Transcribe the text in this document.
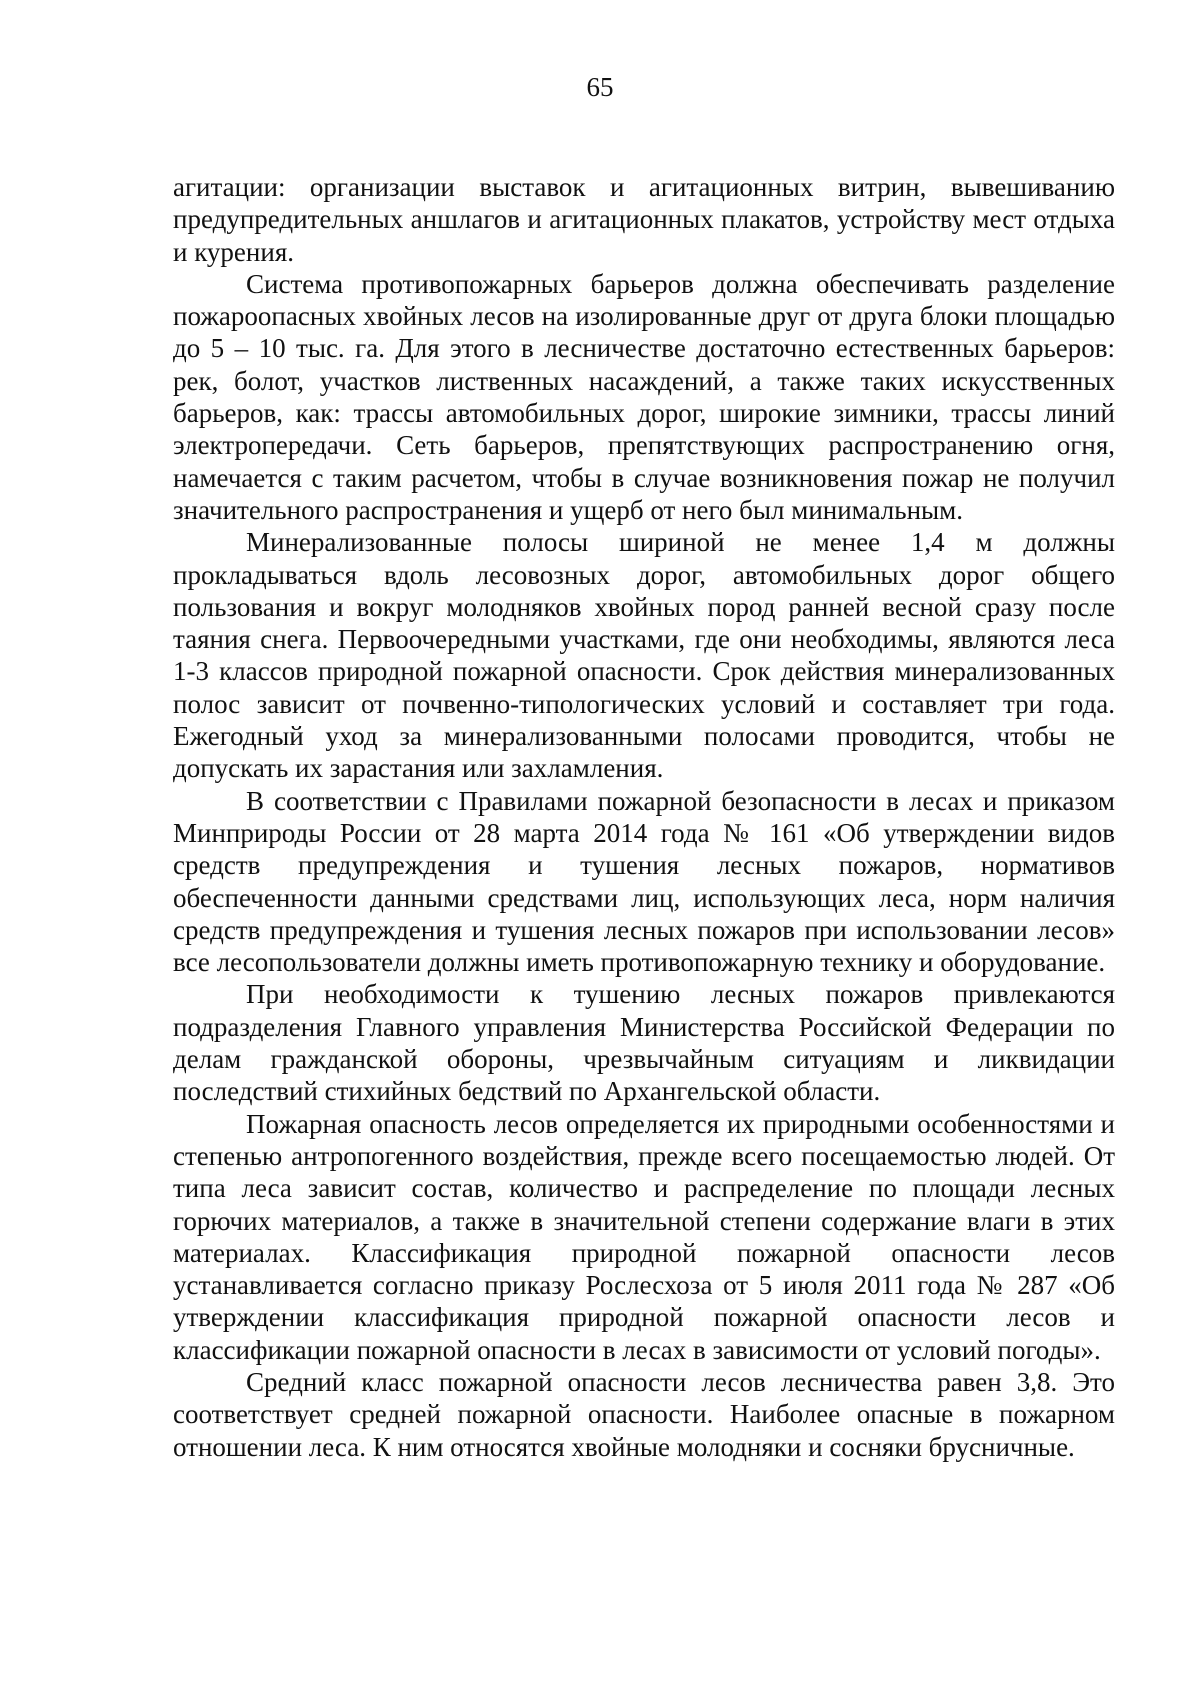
65

агитации: организации выставок и агитационных витрин, вывешиванию предупредительных аншлагов и агитационных плакатов, устройству мест отдыха и курения.

Система противопожарных барьеров должна обеспечивать разделение пожароопасных хвойных лесов на изолированные друг от друга блоки площадью до 5 – 10 тыс. га. Для этого в лесничестве достаточно естественных барьеров: рек, болот, участков лиственных насаждений, а также таких искусственных барьеров, как: трассы автомобильных дорог, широкие зимники, трассы линий электропередачи. Сеть барьеров, препятствующих распространению огня, намечается с таким расчетом, чтобы в случае возникновения пожар не получил значительного распространения и ущерб от него был минимальным.

Минерализованные полосы шириной не менее 1,4 м должны прокладываться вдоль лесовозных дорог, автомобильных дорог общего пользования и вокруг молодняков хвойных пород ранней весной сразу после таяния снега. Первоочередными участками, где они необходимы, являются леса 1-3 классов природной пожарной опасности. Срок действия минерализованных полос зависит от почвенно-типологических условий и составляет три года. Ежегодный уход за минерализованными полосами проводится, чтобы не допускать их зарастания или захламления.

В соответствии с Правилами пожарной безопасности в лесах и приказом Минприроды России от 28 марта 2014 года № 161 «Об утверждении видов средств предупреждения и тушения лесных пожаров, нормативов обеспеченности данными средствами лиц, использующих леса, норм наличия средств предупреждения и тушения лесных пожаров при использовании лесов» все лесопользователи должны иметь противопожарную технику и оборудование.

При необходимости к тушению лесных пожаров привлекаются подразделения Главного управления Министерства Российской Федерации по делам гражданской обороны, чрезвычайным ситуациям и ликвидации последствий стихийных бедствий по Архангельской области.

Пожарная опасность лесов определяется их природными особенностями и степенью антропогенного воздействия, прежде всего посещаемостью людей. От типа леса зависит состав, количество и распределение по площади лесных горючих материалов, а также в значительной степени содержание влаги в этих материалах. Классификация природной пожарной опасности лесов устанавливается согласно приказу Рослесхоза от 5 июля 2011 года № 287 «Об утверждении классификация природной пожарной опасности лесов и классификации пожарной опасности в лесах в зависимости от условий погоды».

Средний класс пожарной опасности лесов лесничества равен 3,8. Это соответствует средней пожарной опасности. Наиболее опасные в пожарном отношении леса. К ним относятся хвойные молодняки и сосняки брусничные.
